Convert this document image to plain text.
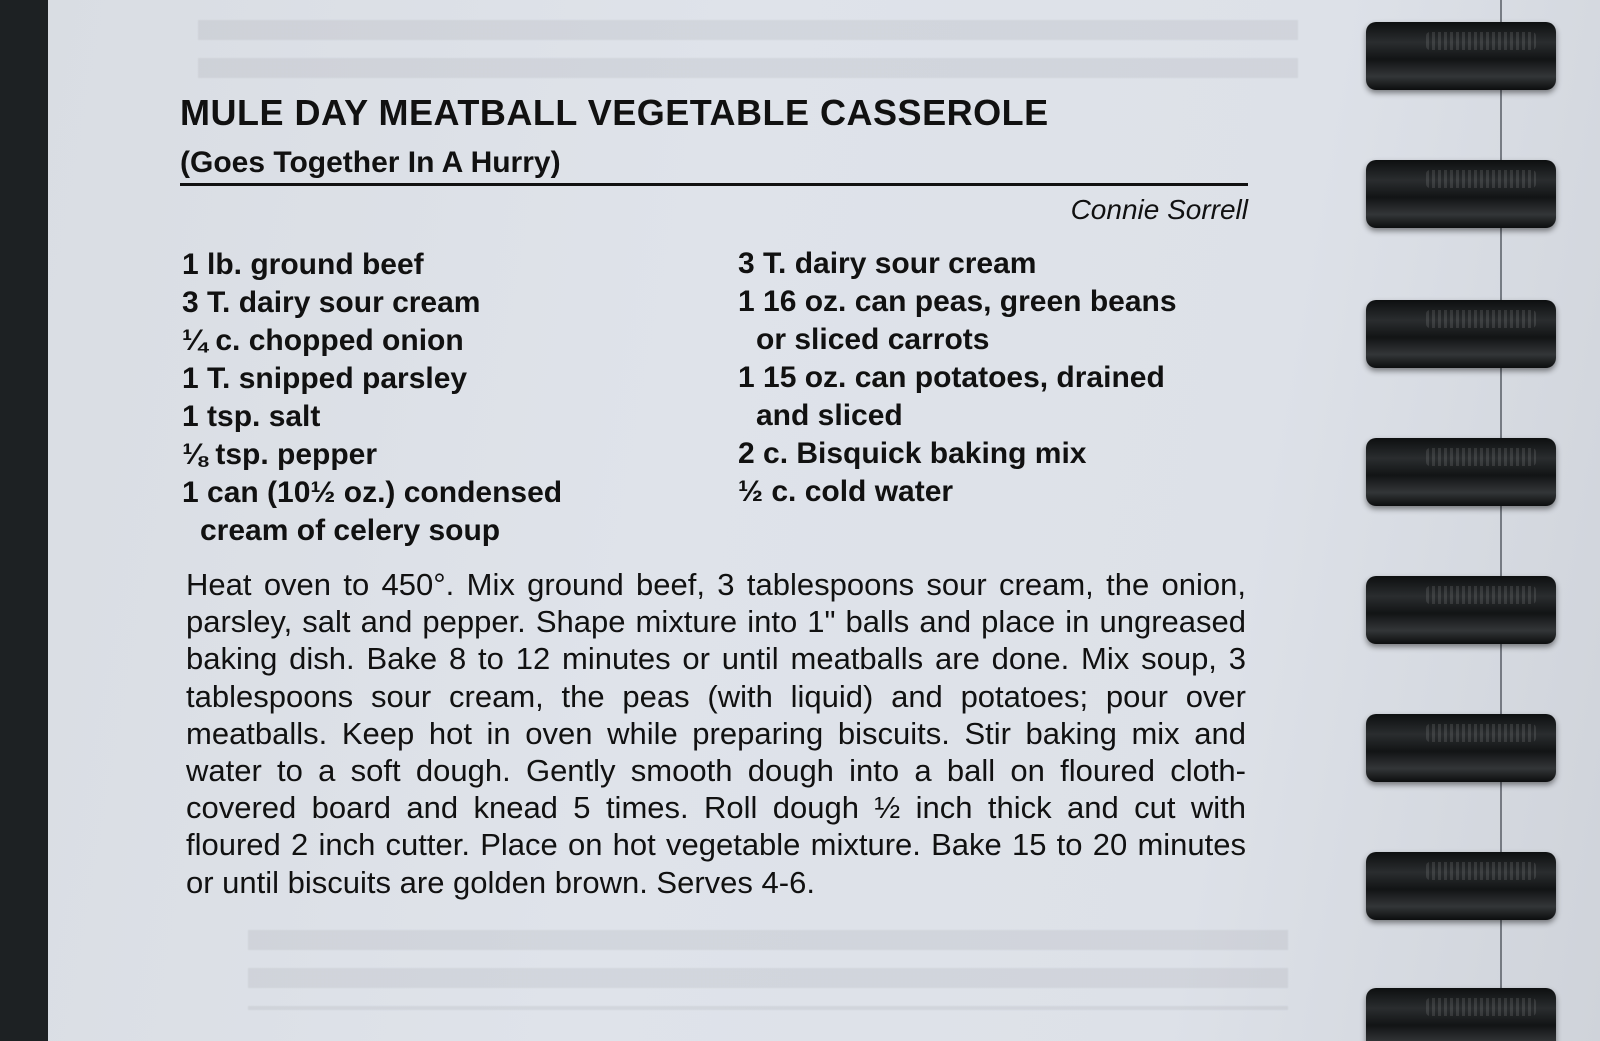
MULE DAY MEATBALL VEGETABLE CASSEROLE
(Goes Together In A Hurry)
Connie Sorrell
1 lb. ground beef
3 T. dairy sour cream
¼ c. chopped onion
1 T. snipped parsley
1 tsp. salt
⅛ tsp. pepper
1 can (10½ oz.) condensed
cream of celery soup
3 T. dairy sour cream
1 16 oz. can peas, green beans
or sliced carrots
1 15 oz. can potatoes, drained
and sliced
2 c. Bisquick baking mix
½ c. cold water

Heat oven to 450°. Mix ground beef, 3 tablespoons sour cream, the onion, parsley, salt and pepper. Shape mixture into 1" balls and place in ungreased baking dish. Bake 8 to 12 minutes or until meatballs are done. Mix soup, 3 tablespoons sour cream, the peas (with liquid) and potatoes; pour over meatballs. Keep hot in oven while preparing biscuits. Stir baking mix and water to a soft dough. Gently smooth dough into a ball on floured cloth-covered board and knead 5 times. Roll dough ½ inch thick and cut with floured 2 inch cutter. Place on hot vegetable mixture. Bake 15 to 20 minutes or until biscuits are golden brown. Serves 4-6.
